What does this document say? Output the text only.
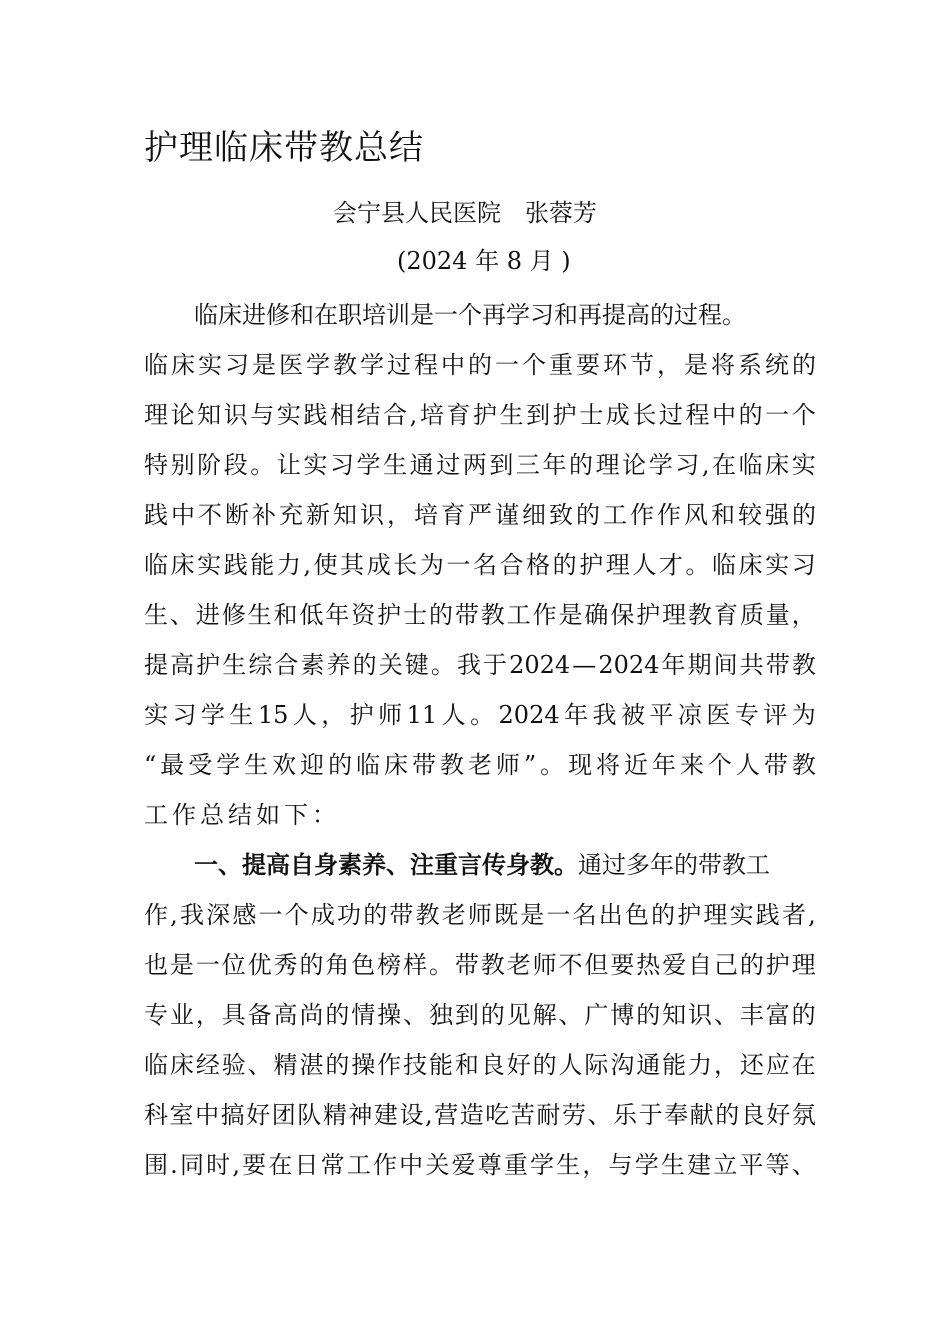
护理临床带教总结
会宁县人民医院 张蓉芳
(2024 年 8 月 )
临床进修和在职培训是一个再学习和再提高的过程。
临 床 实 习 是 医 学 教 学 过 程 中 的 一 个 重 要 环 节 ， 是 将 系 统 的
理 论 知 识 与 实 践 相 结 合 , 培 育 护 生 到 护 士 成 长 过 程 中 的 一 个
特 别 阶 段 。 让 实 习 学 生 通 过 两 到 三 年 的 理 论 学 习 , 在 临 床 实
践 中 不 断 补 充 新 知 识 ， 培 育 严 谨 细 致 的 工 作 作 风 和 较 强 的
临 床 实 践 能 力 , 使 其 成 长 为 一 名 合 格 的 护 理 人 才 。 临 床 实 习
生 、 进 修 生 和 低 年 资 护 士 的 带 教 工 作 是 确 保 护 理 教 育 质 量 ，
提 高 护 生 综 合 素 养 的 关 键 。 我 于 2024 — 2024 年 期 间 共 带 教
实 习 学 生 15 人 ， 护 师 11 人 。 2024 年 我 被 平 凉 医 专 评 为
“ 最 受 学 生 欢 迎 的 临 床 带 教 老 师 ” 。 现 将 近 年 来 个 人 带 教
工作总结如下：
一、提高自身素养、注重言传身教。 通过多年的带教工
作 , 我 深 感 一 个 成 功 的 带 教 老 师 既 是 一 名 出 色 的 护 理 实 践 者 ,
也 是 一 位 优 秀 的 角 色 榜 样 。 带 教 老 师 不 但 要 热 爱 自 己 的 护 理
专 业 ， 具 备 高 尚 的 情 操 、 独 到 的 见 解 、 广 博 的 知 识 、 丰 富 的
临 床 经 验 、 精 湛 的 操 作 技 能 和 良 好 的 人 际 沟 通 能 力 ， 还 应 在
科 室 中 搞 好 团 队 精 神 建 设 , 营 造 吃 苦 耐 劳 、 乐 于 奉 献 的 良 好 氛
围 . 同 时 , 要 在 日 常 工 作 中 关 爱 尊 重 学 生 ， 与 学 生 建 立 平 等 、
